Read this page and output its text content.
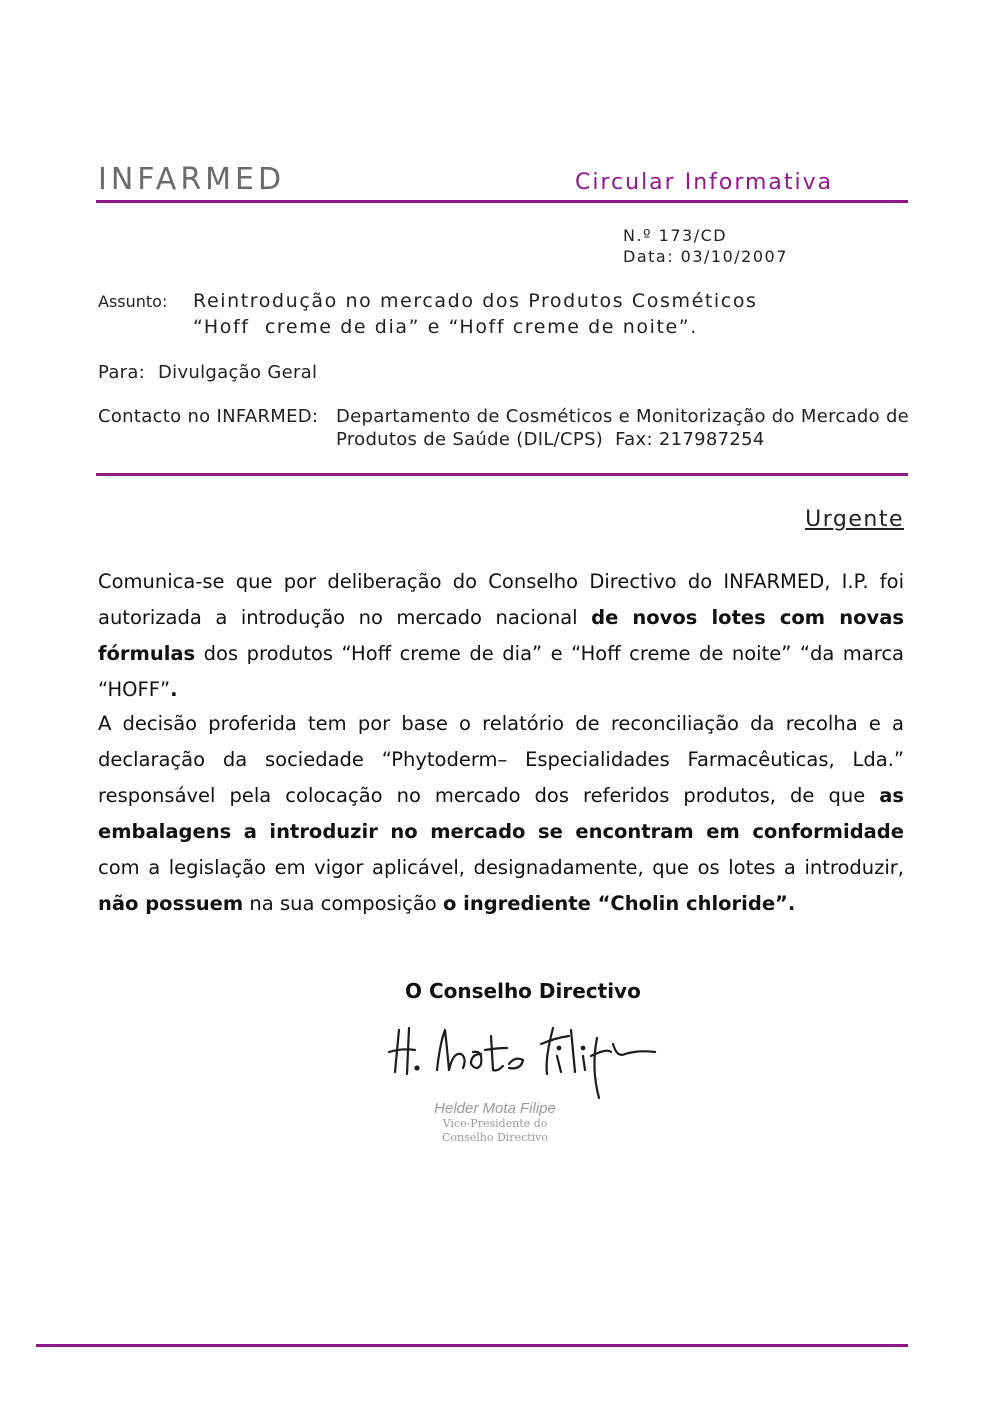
INFARMED	Circular Informativa
N.º 173/CD
Data: 03/10/2007
Assunto: Reintrodução no mercado dos Produtos Cosméticos
“Hoff  creme de dia” e “Hoff creme de noite”.
Para: Divulgação Geral
Contacto no INFARMED: Departamento de Cosméticos e Monitorização do Mercado de
Produtos de Saúde (DIL/CPS)  Fax: 217987254
Urgente
Comunica-se que por deliberação do Conselho Directivo do INFARMED, I.P. foi autorizada a introdução no mercado nacional de novos lotes com novas fórmulas dos produtos “Hoff creme de dia” e “Hoff creme de noite” “da marca “HOFF”.
A decisão proferida tem por base o relatório de reconciliação da recolha e a declaração da sociedade “Phytoderm– Especialidades Farmacêuticas, Lda.” responsável pela colocação no mercado dos referidos produtos, de que as embalagens a introduzir no mercado se encontram em conformidade com a legislação em vigor aplicável, designadamente, que os lotes a introduzir, não possuem na sua composição o ingrediente “Cholin chloride”.
O Conselho Directivo
Helder Mota Filipe
Vice-Presidente do
Conselho Directivo
